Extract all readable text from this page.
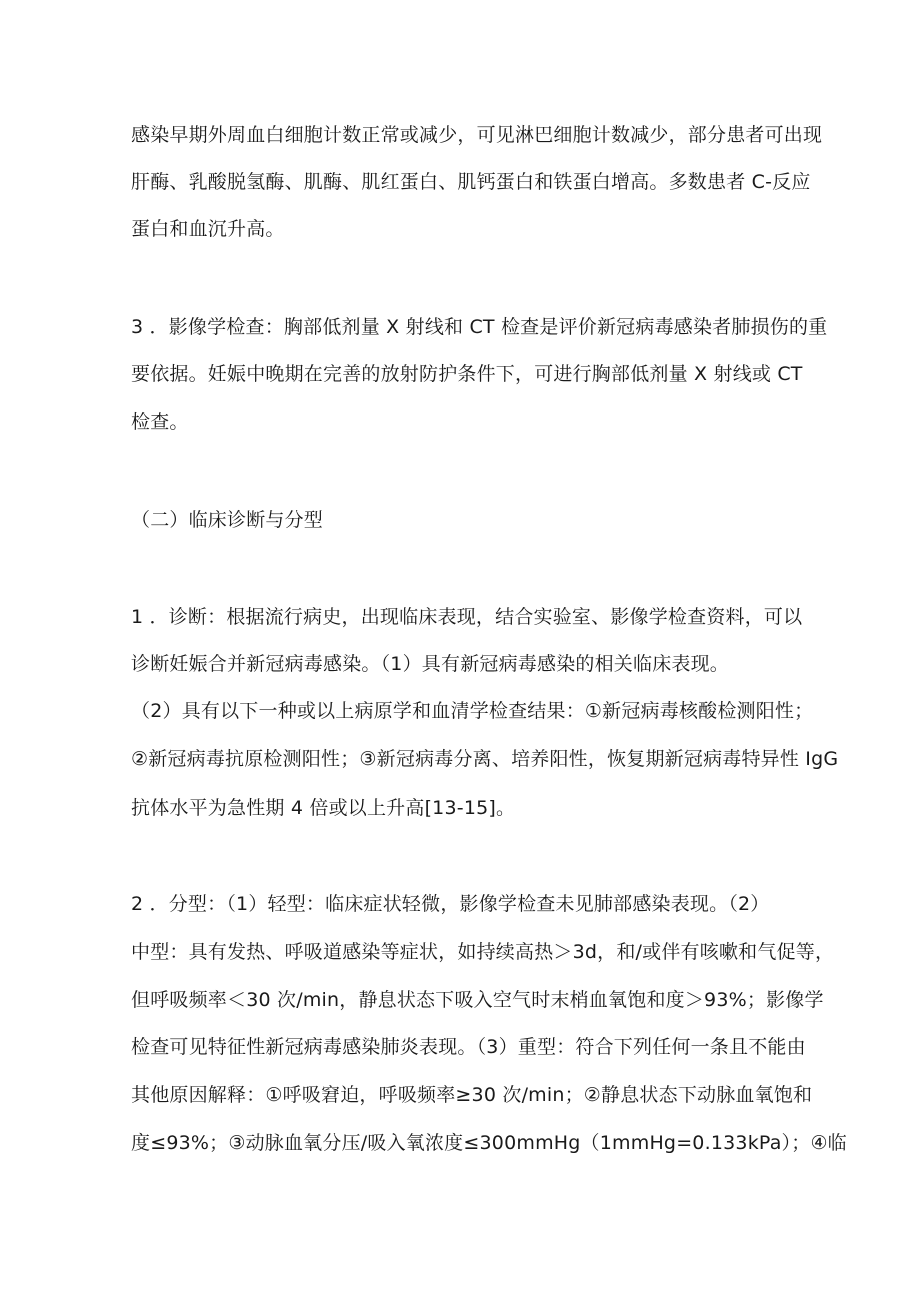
感染早期外周血白细胞计数正常或减少，可见淋巴细胞计数减少，部分患者可出现
肝酶、乳酸脱氢酶、肌酶、肌红蛋白、肌钙蛋白和铁蛋白增高。多数患者 C-反应
蛋白和血沉升高。
3 ．影像学检查：胸部低剂量 X 射线和 CT 检查是评价新冠病毒感染者肺损伤的重
要依据。妊娠中晚期在完善的放射防护条件下，可进行胸部低剂量 X 射线或 CT
检查。
（二）临床诊断与分型
1 ．诊断：根据流行病史，出现临床表现，结合实验室、影像学检查资料，可以
诊断妊娠合并新冠病毒感染。（1）具有新冠病毒感染的相关临床表现。
（2）具有以下一种或以上病原学和血清学检查结果：①新冠病毒核酸检测阳性；
②新冠病毒抗原检测阳性；③新冠病毒分离、培养阳性，恢复期新冠病毒特异性 IgG
抗体水平为急性期 4 倍或以上升高[13-15]。
2 ．分型：（1）轻型：临床症状轻微，影像学检查未见肺部感染表现。（2）
中型：具有发热、呼吸道感染等症状，如持续高热＞3d，和/或伴有咳嗽和气促等，
但呼吸频率＜30 次/min，静息状态下吸入空气时末梢血氧饱和度＞93%；影像学
检查可见特征性新冠病毒感染肺炎表现。（3）重型：符合下列任何一条且不能由
其他原因解释：①呼吸窘迫，呼吸频率≥30 次/min；②静息状态下动脉血氧饱和
度≤93%；③动脉血氧分压/吸入氧浓度≤300mmHg（1mmHg=0.133kPa）；④临
